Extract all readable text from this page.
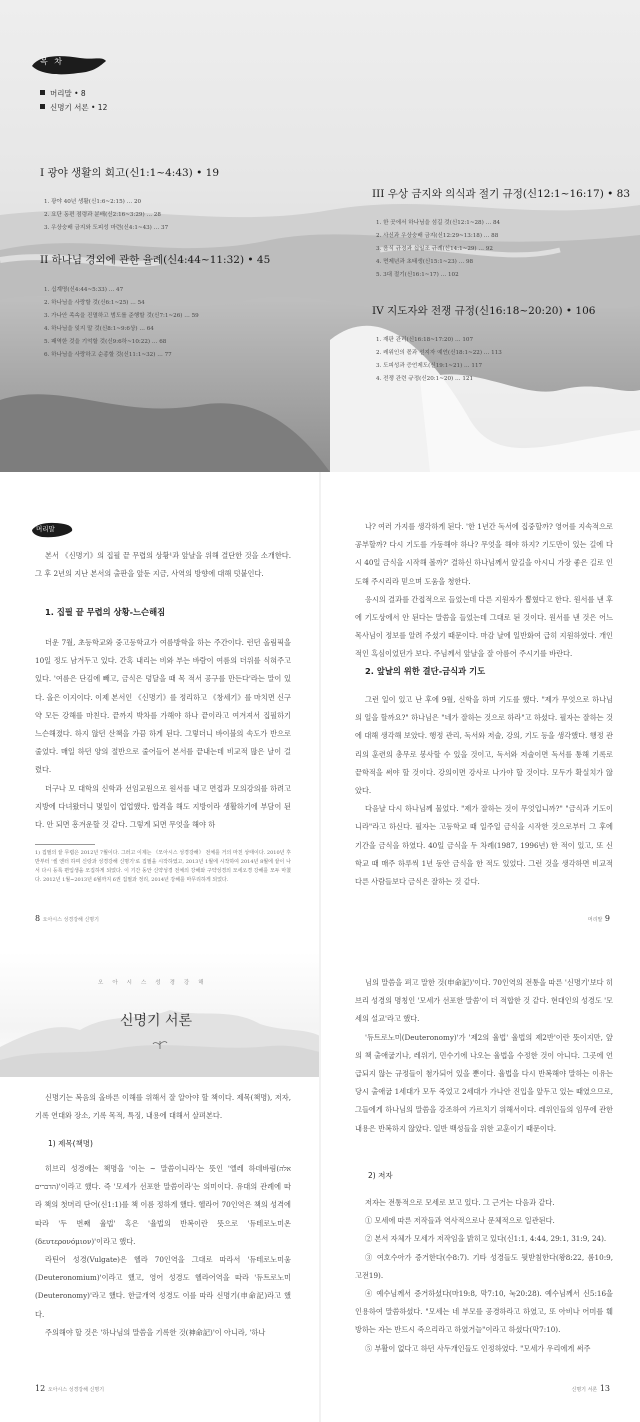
목 차
머리말 • 8
신명기 서론 • 12
I 광야 생활의 회고(신1:1~4:43) • 19
1. 광야 40년 생활(신1:6~2:15) … 20
2. 요단 동편 점령과 분배(신2:16~3:29) … 28
3. 우상숭배 금지와 도피성 마련(신4:1~43) … 37
II 하나님 경외에 관한 율례(신4:44~11:32) • 45
1. 십계명(신4:44~5:33) … 47
2. 하나님을 사랑할 것(신6:1~25) … 54
3. 가나안 족속을 진멸하고 범도를 준행할 것(신7:1~26) … 59
4. 하나님을 잊지 말 것(신8:1~9:6상) … 64
5. 패역한 것을 기억할 것(신9:6하~10:22) … 68
6. 하나님을 사랑하고 순종할 것(신11:1~32) … 77
III 우상 금지와 의식과 절기 규정(신12:1~16:17) • 83
1. 한 곳에서 하나님을 섬길 것(신12:1~28) … 84
2. 사신과 우상숭배 금지(신12:29~13:18) … 88
3. 음식 규정과 십일조 규례(신14:1~29) … 92
4. 면제년과 초태생(신15:1~23) … 98
5. 3대 절기(신16:1~17) … 102
IV 지도자와 전쟁 규정(신16:18~20:20) • 106
1. 재판 관리(신16:18~17:20) … 107
2. 레위인의 몫과 선지자 예언(신18:1~22) … 113
3. 도피성과 증언제도(신19:1~21) … 117
4. 전쟁 관련 규정(신20:1~20) … 121
머리말

본서 《신명기》의 집필 끝 무렵의 상황¹과 앞날을 위해 결단한 것을 소개한다. 그 후 2년의 지난 본서의 출판을 앞둔 지금, 사역의 방향에 대해 덧붙인다.

1. 집필 끝 무렵의 상황-느슨해짐

더운 7월, 초등학교와 중고등학교가 여름방학을 하는 주간이다. 런던 올림픽을 10일 정도 남겨두고 있다. 간혹 내리는 비와 부는 바람이 여름의 더위를 식혀주고 있다. '여름은 단김에 빼고, 금식은 덩달을 때 목 적서 공구를 만든다'라는 말이 있다. 올은 이지이다. 이제 본서인 《신명기》를 정리하고 《창세기》를 마치면 신구약 모든 강해를 마친다. 끝까지 박차를 가해야 하나 끝이라고 여겨져서 집필하기 느슨해졌다. 하지 않던 산책을 가끔 하게 된다. 그렇더니 바이블의 속도가 반으로 줄었다. 매일 하던 양의 절반으로 줄어들어 본서를 끝내는데 비교적 많은 날이 걸렸다.

더구나 모 대학의 신학과 선임교원으로 원서를 내고 면접과 모의강의를 하려고 지방에 다녀왔더니 몇일이 업업했다. 합격을 해도 지방이라 생활하기에 부담이 된다. 안 되면 흥겨운할 것 같다. 그렇게 되면 무엇을 해야 하

1) 집필의 끝 무렵은 2012년 7월이다. 그러고 이제는 《모아시스 성경강해》 전체를 거의 마친 상태이다. 2010년 후반부터 '셀 엔터 하며 신랑과 성경강해 신명기'로 집필을 시작하였고, 2013년 1월에 시작하여 2014년 8월에 끝이 나서 다시 등록 편입생을 모집하게 되었다. 이 기간 동안 신약성경 전체의 강해와 구약성경의 모세오경 강해를 모두 마쳤다. 2012년 1월~2013년 6월까지 6권 집필과 정리, 2014년 강해를 마무리하게 되었다.
8 오아시스 성경강해 신명기

나? 여러 가지를 생각하게 된다. '한 1년간 독서에 집중할까? 영어를 지속적으로 공부할까? 다시 기도를 가동해야 하나? 무엇을 해야 하지? 기도만이 있는 길에 다시 40일 금식을 시작해 볼까?' 결하신 하나님께서 앞길을 아시니 가장 좋은 길로 인도해 주시리라 믿으며 도움을 청한다.

응시의 결과를 간접적으로 들었는데 다른 지원자가 뽑혔다고 한다. 원서를 낸 후에 기도상에서 안 된다는 말씀을 들었는데 그대로 된 것이다. 원서를 낸 것은 어느 목사님이 정보를 알려 주셨기 때문이다. 마감 날에 일반화여 급히 지원하였다. 개인적인 흑심이었던가 보다. 주님께서 앞날을 잘 아름어 주시기를 바란다.

2. 앞날의 위한 결단-금식과 기도

그런 일이 있고 난 후에 9월, 신학을 하며 기도를 했다. "제가 무엇으로 하나님의 일을 할까요?" 하나님은 "네가 잘하는 것으로 하라"고 하셨다. 필자는 잘하는 것에 대해 생각해 보았다. 행정 관리, 독서와 저술, 강의, 기도 등을 생각했다. 행정 관리의 훈련의 총무로 봉사할 수 있을 것이고, 독서와 저술이면 독서를 통해 기록로 끝학적을 써야 할 것이다. 강의이면 강사로 나가야 할 것이다. 모두가 확실치가 않았다.

다음날 다시 하나님께 물었다. "제가 잘하는 것이 무엇입니까?" "금식과 기도이니라"라고 하신다. 필자는 고등학교 때 일주일 금식을 시작한 것으로부터 그 후에 기간을 금식을 하였다. 40일 금식을 두 차례(1987, 1996년) 한 적이 있고, 또 신학교 때 매주 하루씩 1년 동안 금식을 한 적도 있었다. 그런 것을 생각하면 비교적 다른 사람들보다 금식은 잘하는 것 같다.

머리말 9
오아시스성경강해
신명기 서론

신명기는 복음의 올바른 이해를 위해서 잘 알아야 할 책이다. 제목(책명), 저자, 기록 연대와 장소, 기록 목적, 특징, 내용에 대해서 살펴본다.

1) 제목(책명)

히브리 성경에는 책명을 '이는 ~ 말씀이니라'는 뜻인 '엘레 하데바림(אלה הדברים)'이라고 했다. 즉 '모세가 선포한 말씀이라'는 의미이다. 유대의 관례에 따라 책의 첫머리 단어(신1:1)를 책 이름 정하게 했다. 헬라어 70인역은 책의 성격에 따라 '두 번째 율법' 혹은 '율법의 반복이란 뜻으로 '듀테로노미온(δευτερονόμιον)'이라고 했다.

라틴어 성경(Vulgate)은 헬라 70인역을 그대로 따라서 '듀테로노미움(Deuteronomium)'이라고 했고, 영어 성경도 헬라어역을 따라 '듀트로노미(Deuteronomy)'라고 했다. 한글개역 성경도 이를 따라 신명기(申命記)라고 했다.

주의해야 할 것은 '하나님의 말씀을 기록한 것(神命記)'이 아니라, '하나

12 오아시스 성경강해 신명기

님의 말씀을 펴고 말한 것(申命記)'이다. 70인역의 전통을 따른 '신명기'보다 히브리 성경의 명칭인 '모세가 선포한 말씀'이 더 적합한 것 같다. 현대인의 성경도 '모세의 설교'라고 했다.

'듀트로노미(Deuteronomy)'가 '제2의 율법' 율법의 제2반'이란 뜻이지만, 앞의 책 출애굽기나, 레위기, 민수기에 나오는 율법을 수정한 것이 아니다. 그곳에 언급되지 않는 규정들이 첨가되어 있을 뿐이다. 율법을 다시 반복해야 말하는 이유는 당시 출애굽 1세대가 모두 죽었고 2세대가 가나안 진입을 앞두고 있는 때였으므로, 그들에게 하나님의 말씀을 강조하여 가르치기 위해서이다. 레위인들의 임무에 관한 내용은 반복하지 않았다. 일반 백성들을 위한 교훈이기 때문이다.

2) 저자

저자는 전통적으로 모세로 보고 있다. 그 근거는 다음과 같다.

① 모세에 따른 저작들과 역사적으로나 문체적으로 일관된다.

② 본서 자체가 모세가 저작임을 밝히고 있다(신1:1, 4:44, 29:1, 31:9, 24).

③ 여호수아가 증거한다(수8:7). 기타 성경들도 뒷받침한다(왕8:22, 롬10:9, 고전19).

④ 예수님께서 증거하셨다(마19:8, 막7:10, 눅20:28). 예수님께서 신5:16을 인용하여 말씀하셨다. "모세는 네 부모를 공경하라고 하였고, 또 아비나 어미를 훼방하는 자는 반드시 죽으리라고 하였거늘"이라고 하셨다(막7:10).

⑤ 부활이 없다고 하던 사두개인들도 인정하였다. "모세가 우리에게 써주

신명기 서론 13
